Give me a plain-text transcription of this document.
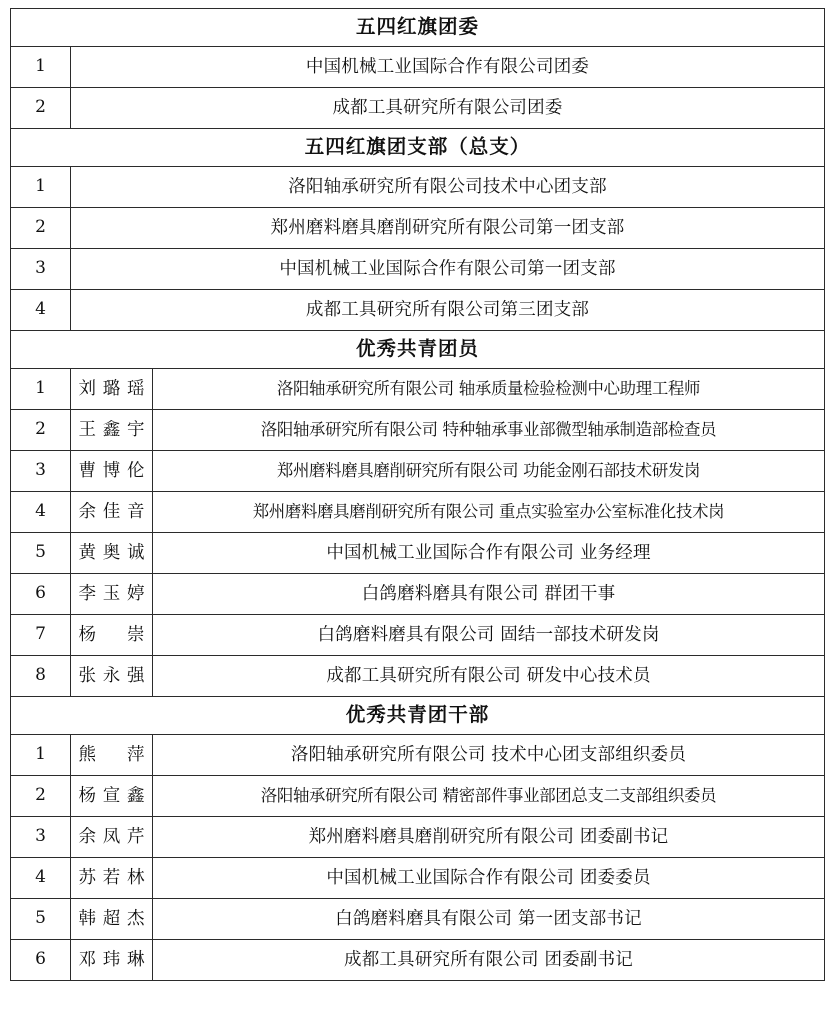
五四红旗团委		
1	中国机械工业国际合作有限公司团委	
2	成都工具研究所有限公司团委	
五四红旗团支部（总支）		
1	洛阳轴承研究所有限公司技术中心团支部	
2	郑州磨料磨具磨削研究所有限公司第一团支部	
3	中国机械工业国际合作有限公司第一团支部	
4	成都工具研究所有限公司第三团支部	
优秀共青团员		
1	刘璐瑶	洛阳轴承研究所有限公司 轴承质量检验检测中心助理工程师
2	王鑫宇	洛阳轴承研究所有限公司 特种轴承事业部微型轴承制造部检查员
3	曹博伦	郑州磨料磨具磨削研究所有限公司 功能金刚石部技术研发岗
4	余佳音	郑州磨料磨具磨削研究所有限公司 重点实验室办公室标准化技术岗
5	黄奥诚	中国机械工业国际合作有限公司 业务经理
6	李玉婷	白鸽磨料磨具有限公司 群团干事
7	杨崇	白鸽磨料磨具有限公司 固结一部技术研发岗
8	张永强	成都工具研究所有限公司 研发中心技术员
优秀共青团干部		
1	熊萍	洛阳轴承研究所有限公司 技术中心团支部组织委员
2	杨宣鑫	洛阳轴承研究所有限公司 精密部件事业部团总支二支部组织委员
3	余凤芹	郑州磨料磨具磨削研究所有限公司 团委副书记
4	苏若林	中国机械工业国际合作有限公司 团委委员
5	韩超杰	白鸽磨料磨具有限公司 第一团支部书记
6	邓玮琳	成都工具研究所有限公司 团委副书记
